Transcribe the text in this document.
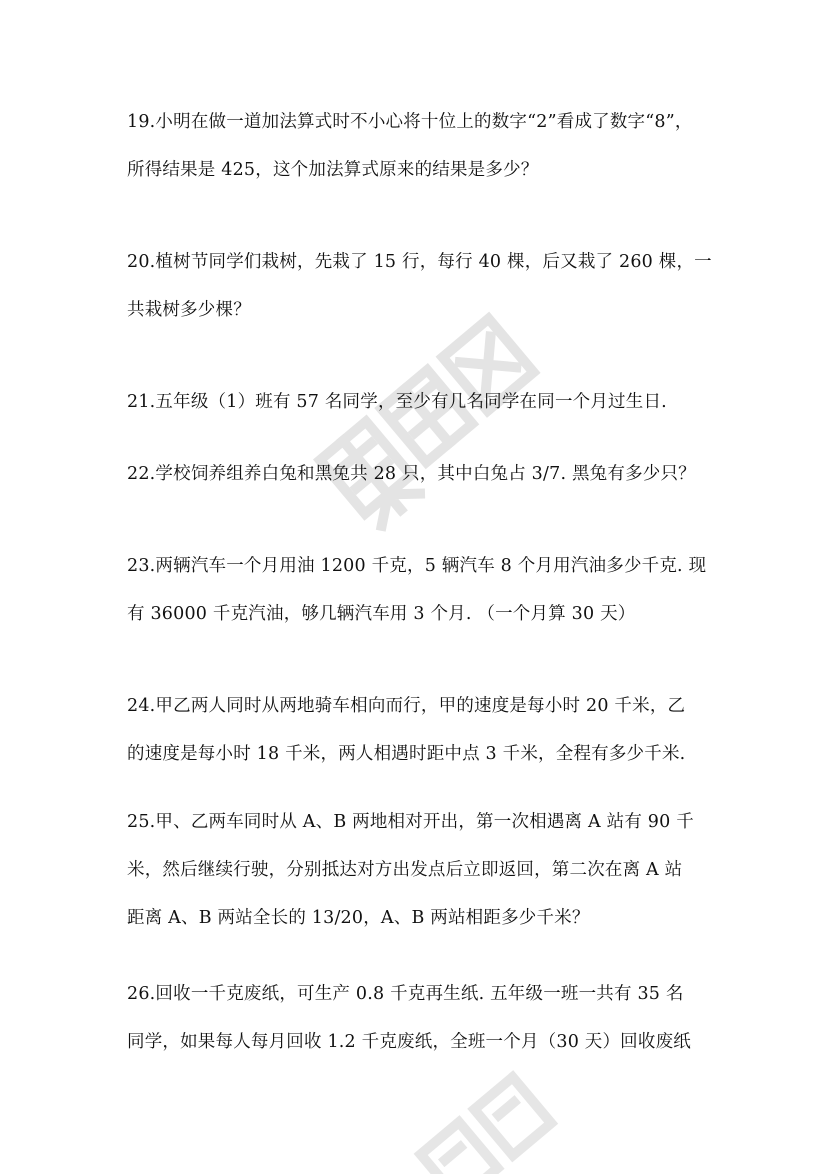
19.小明在做一道加法算式时不小心将十位上的数字“2”看成了数字“8”，
所得结果是 425，这个加法算式原来的结果是多少？
20.植树节同学们栽树，先栽了 15 行，每行 40 棵，后又栽了 260 棵，一
共栽树多少棵？
21.五年级（1）班有 57 名同学，至少有几名同学在同一个月过生日.
22.学校饲养组养白兔和黑兔共 28 只，其中白兔占 3/7. 黑兔有多少只？
23.两辆汽车一个月用油 1200 千克，5 辆汽车 8 个月用汽油多少千克. 现
有 36000 千克汽油，够几辆汽车用 3 个月. （一个月算 30 天）
24.甲乙两人同时从两地骑车相向而行，甲的速度是每小时 20 千米，乙
的速度是每小时 18 千米，两人相遇时距中点 3 千米，全程有多少千米.
25.甲、乙两车同时从 A、B 两地相对开出，第一次相遇离 A 站有 90 千
米，然后继续行驶，分别抵达对方出发点后立即返回，第二次在离 A 站
距离 A、B 两站全长的 13/20，A、B 两站相距多少千米？
26.回收一千克废纸，可生产 0.8 千克再生纸. 五年级一班一共有 35 名
同学，如果每人每月回收 1.2 千克废纸，全班一个月（30 天）回收废纸
